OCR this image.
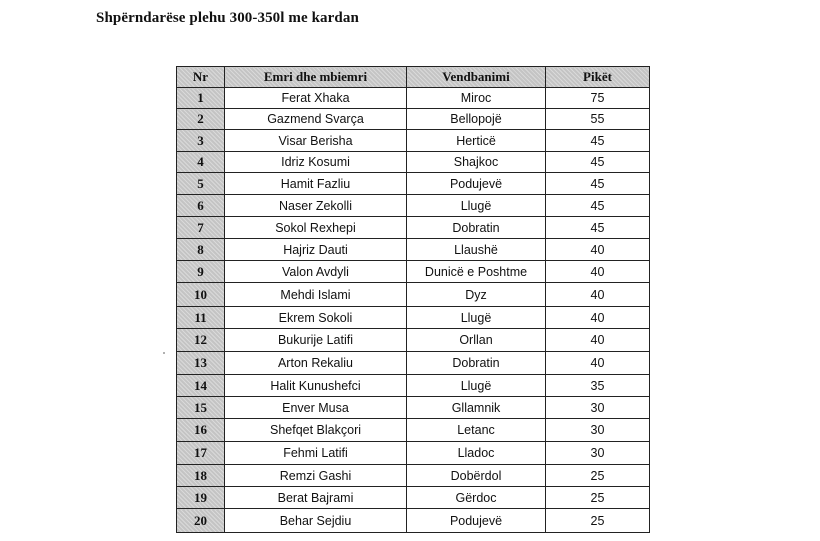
Shpërndarëse plehu 300-350l me kardan
Nr	Emri dhe mbiemri	Vendbanimi	Pikët
1	Ferat Xhaka	Miroc	75
2	Gazmend Svarça	Bellopojë	55
3	Visar Berisha	Herticë	45
4	Idriz Kosumi	Shajkoc	45
5	Hamit Fazliu	Podujevë	45
6	Naser Zekolli	Llugë	45
7	Sokol Rexhepi	Dobratin	45
8	Hajriz Dauti	Llaushë	40
9	Valon Avdyli	Dunicë e Poshtme	40
10	Mehdi Islami	Dyz	40
11	Ekrem Sokoli	Llugë	40
12	Bukurije Latifi	Orllan	40
13	Arton Rekaliu	Dobratin	40
14	Halit Kunushefci	Llugë	35
15	Enver Musa	Gllamnik	30
16	Shefqet Blakçori	Letanc	30
17	Fehmi Latifi	Lladoc	30
18	Remzi Gashi	Dobërdol	25
19	Berat Bajrami	Gërdoc	25
20	Behar Sejdiu	Podujevë	25
